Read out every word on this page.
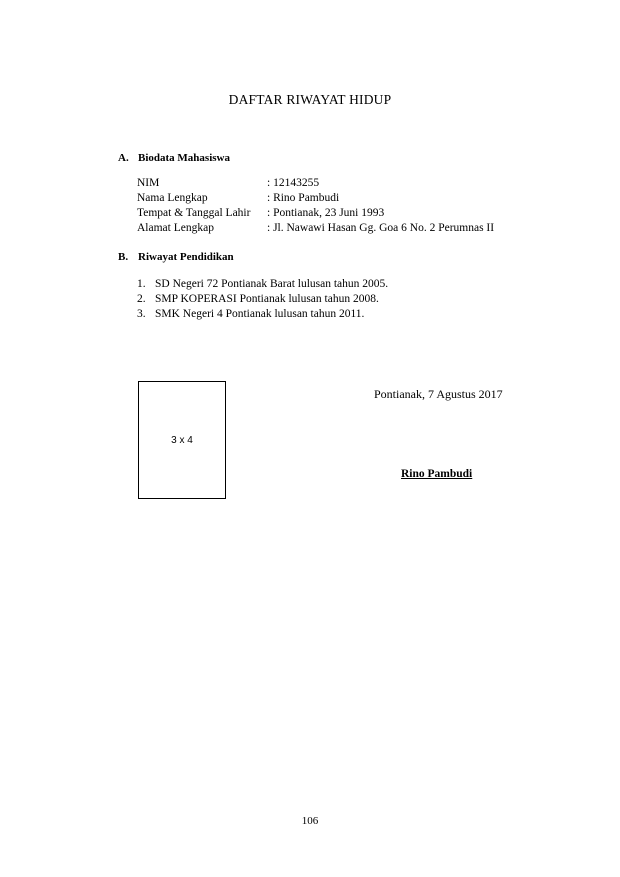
DAFTAR RIWAYAT HIDUP
A. Biodata Mahasiswa
NIM	: 12143255
Nama Lengkap	: Rino Pambudi
Tempat & Tanggal Lahir : Pontianak, 23 Juni 1993
Alamat Lengkap	: Jl. Nawawi Hasan Gg. Goa 6 No. 2 Perumnas II
B. Riwayat Pendidikan
1. SD Negeri 72 Pontianak Barat lulusan tahun 2005.
2. SMP KOPERASI Pontianak lulusan tahun 2008.
3. SMK Negeri 4 Pontianak lulusan tahun 2011.
3 x 4
Pontianak, 7 Agustus 2017
Rino Pambudi
106
